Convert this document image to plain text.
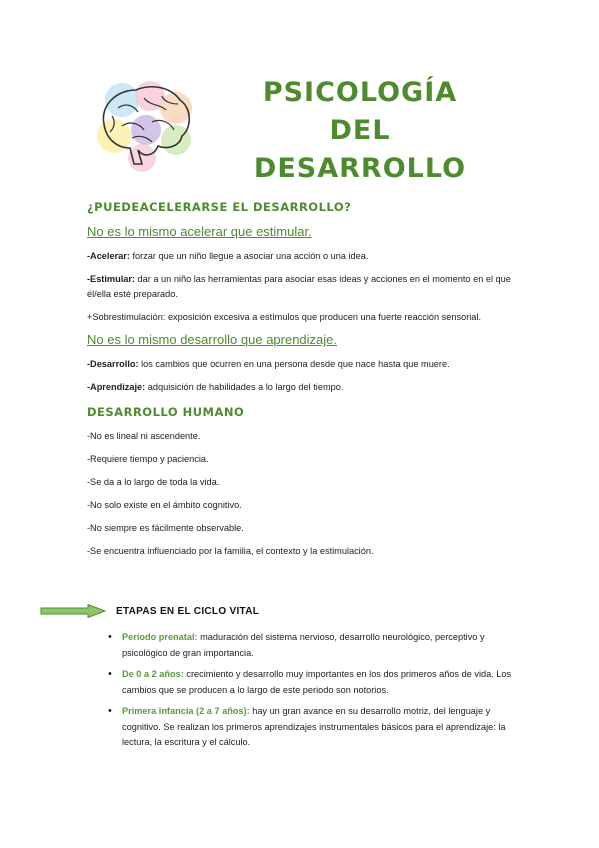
PSICOLOGÍA DEL
DESARROLLO
¿PUEDEACELERARSE EL DESARROLLO?
No es lo mismo acelerar que estimular.
-Acelerar: forzar que un niño llegue a asociar una acción o una idea.
-Estimular: dar a un niño las herramientas para asociar esas ideas y acciones en el momento en el que él/ella esté preparado.
+Sobrestimulación: exposición excesiva a estímulos que producen una fuerte reacción sensorial.
No es lo mismo desarrollo que aprendizaje.
-Desarrollo: los cambios que ocurren en una persona desde que nace hasta que muere.
-Aprendizaje: adquisición de habilidades a lo largo del tiempo.
DESARROLLO HUMANO
-No es lineal ni ascendente.
-Requiere tiempo y paciencia.
-Se da a lo largo de toda la vida.
-No solo existe en el ámbito cognitivo.
-No siempre es fácilmente observable.
-Se encuentra influenciado por la familia, el contexto y la estimulación.
ETAPAS EN EL CICLO VITAL
• Periodo prenatal: maduración del sistema nervioso, desarrollo neurológico, perceptivo y psicológico de gran importancia.
• De 0 a 2 años: crecimiento y desarrollo muy importantes en los dos primeros años de vida. Los cambios que se producen a lo largo de este periodo son notorios.
• Primera infancia (2 a 7 años): hay un gran avance en su desarrollo motriz, del lenguaje y cognitivo. Se realizan los primeros aprendizajes instrumentales básicos para el aprendizaje: la lectura, la escritura y el cálculo.
